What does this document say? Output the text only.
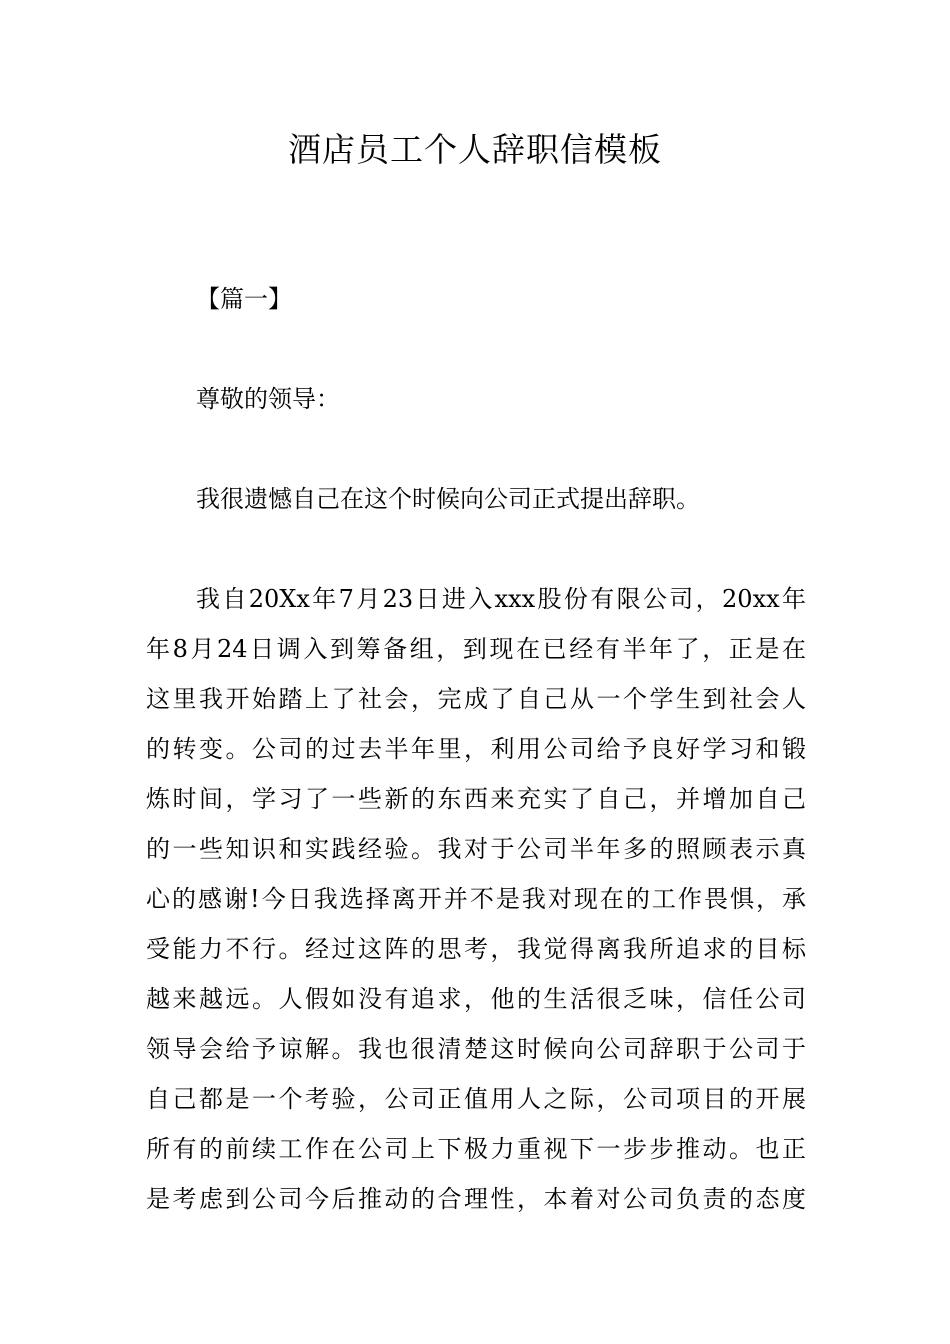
酒店员工个人辞职信模板
【篇一】
尊敬的领导：
我很遗憾自己在这个时候向公司正式提出辞职。
我自20Xx年7月23日进入xxx股份有限公司，20xx年
年8月24日调入到筹备组，到现在已经有半年了，正是在
这里我开始踏上了社会，完成了自己从一个学生到社会人
的转变。公司的过去半年里，利用公司给予良好学习和锻
炼时间，学习了一些新的东西来充实了自己，并增加自己
的一些知识和实践经验。我对于公司半年多的照顾表示真
心的感谢!今日我选择离开并不是我对现在的工作畏惧，承
受能力不行。经过这阵的思考，我觉得离我所追求的目标
越来越远。人假如没有追求，他的生活很乏味，信任公司
领导会给予谅解。我也很清楚这时候向公司辞职于公司于
自己都是一个考验，公司正值用人之际，公司项目的开展
所有的前续工作在公司上下极力重视下一步步推动。也正
是考虑到公司今后推动的合理性，本着对公司负责的态度
